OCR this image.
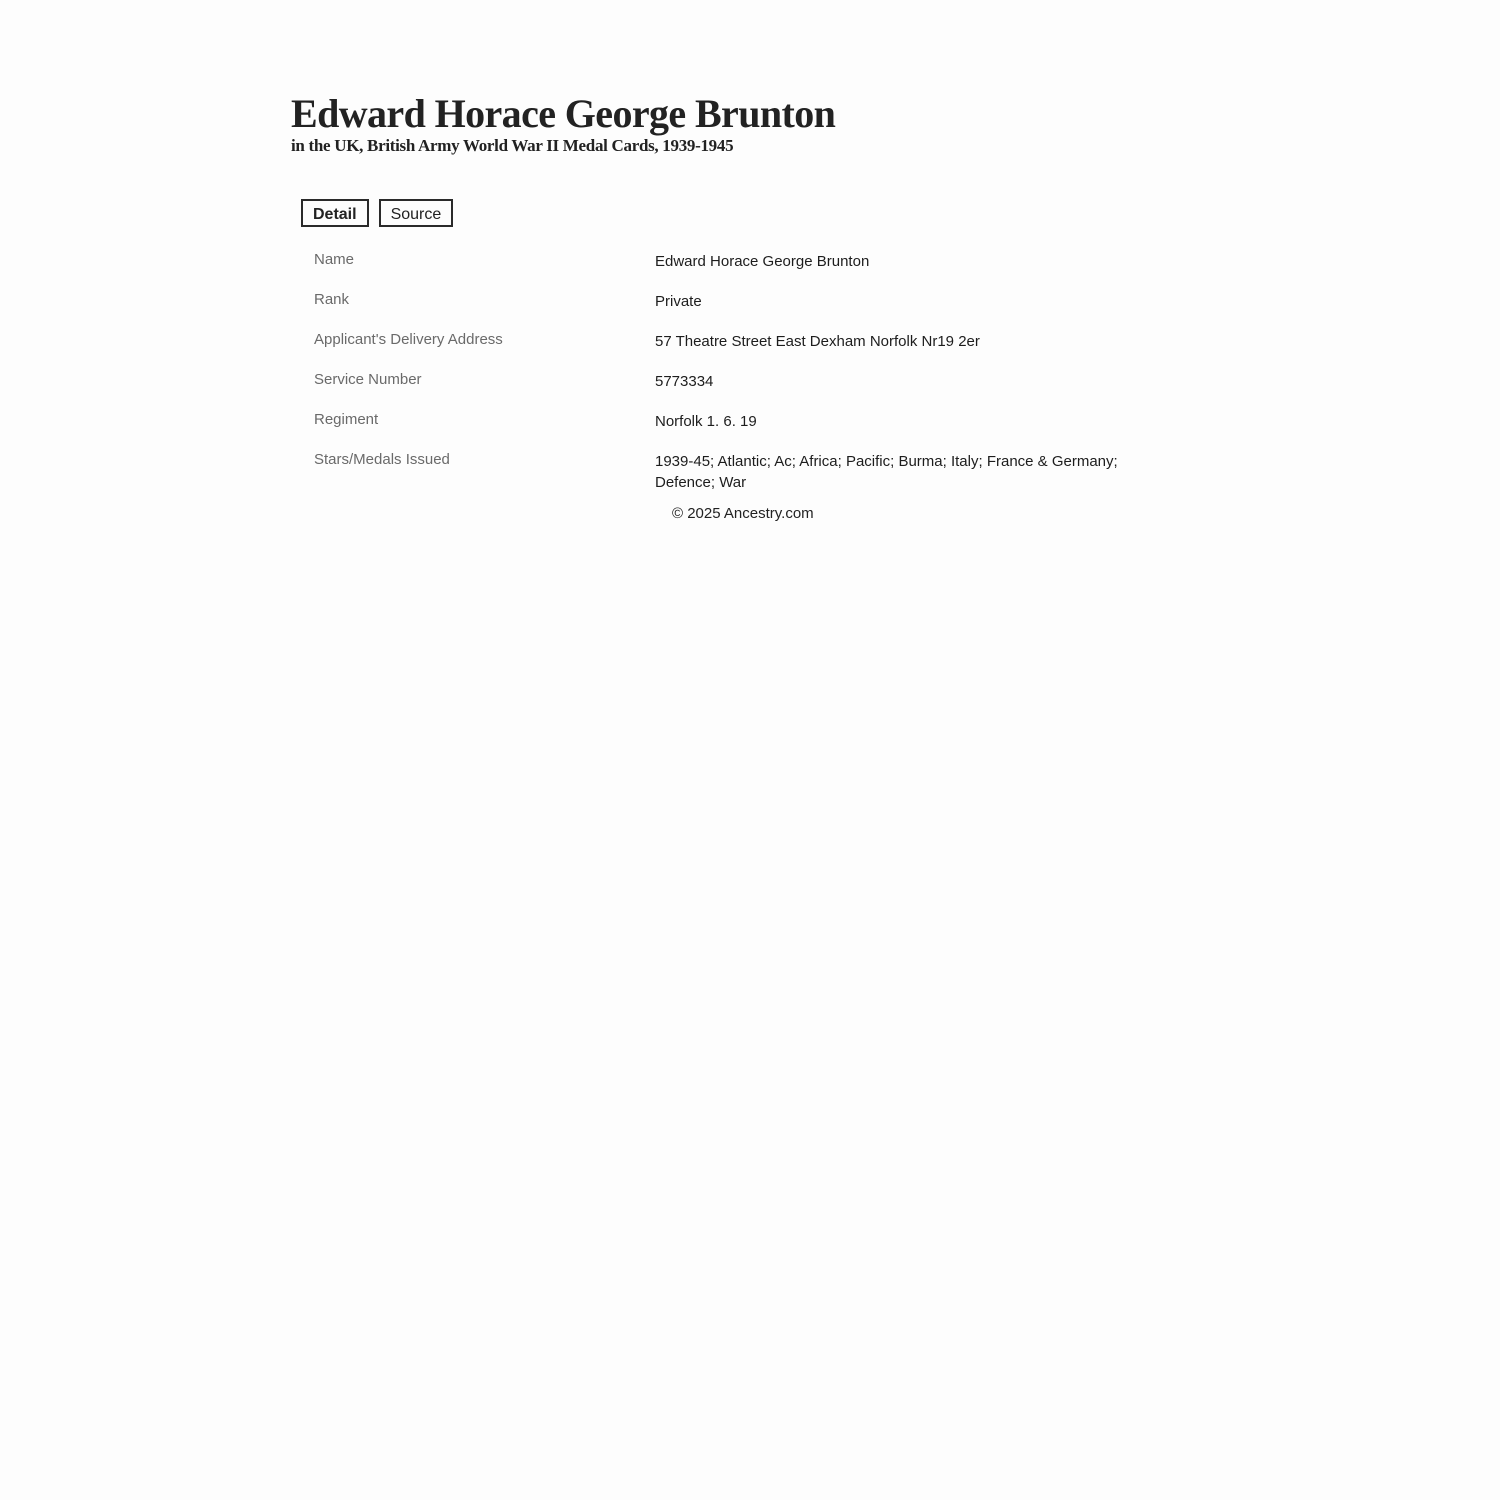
Edward Horace George Brunton
in the UK, British Army World War II Medal Cards, 1939-1945
Detail	Source
Name	Edward Horace George Brunton
Rank	Private
Applicant's Delivery Address	57 Theatre Street East Dexham Norfolk Nr19 2er
Service Number	5773334
Regiment	Norfolk 1. 6. 19
Stars/Medals Issued	1939-45; Atlantic; Ac; Africa; Pacific; Burma; Italy; France & Germany; Defence; War
© 2025 Ancestry.com
